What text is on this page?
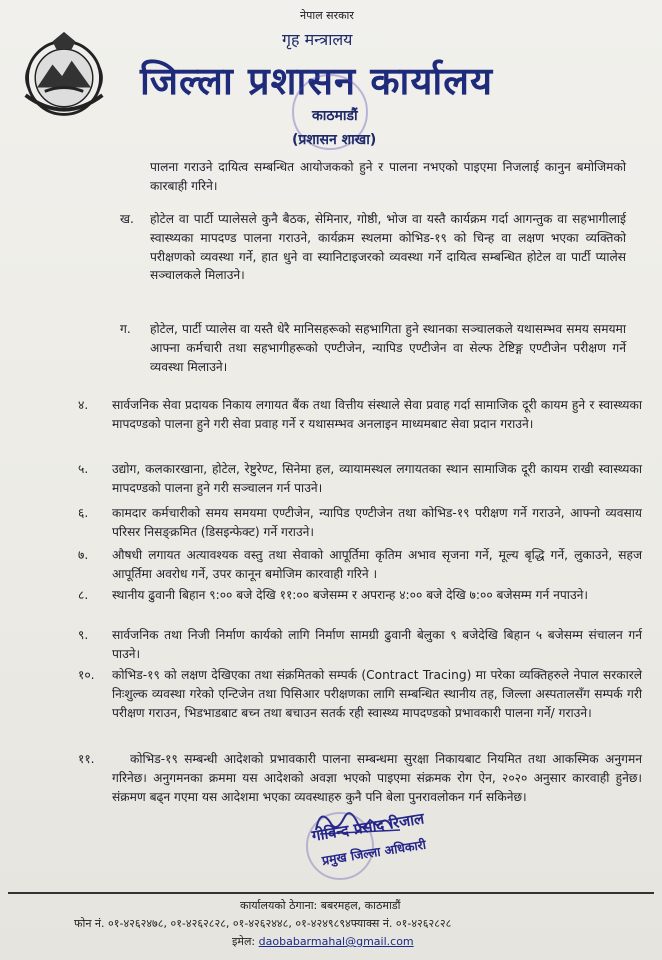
नेपाल सरकार
गृह मन्त्रालय
जिल्ला प्रशासन कार्यालय
काठमाडौं
(प्रशासन शाखा)

पालना गराउने दायित्व सम्बन्धित आयोजकको हुने र पालना नभएको पाइएमा निजलाई कानुन बमोजिमको कारबाही गरिने।

ख. होटेल वा पार्टी प्यालेसले कुनै बैठक, सेमिनार, गोष्ठी, भोज वा यस्तै कार्यक्रम गर्दा आगन्तुक वा सहभागीलाई स्वास्थ्यका मापदण्ड पालना गराउने, कार्यक्रम स्थलमा कोभिड-१९ को चिन्ह वा लक्षण भएका व्यक्तिको परीक्षणको व्यवस्था गर्ने, हात धुने वा स्यानिटाइजरको व्यवस्था गर्ने दायित्व सम्बन्धित होटेल वा पार्टी प्यालेस सञ्चालकले मिलाउने।

ग. होटेल, पार्टी प्यालेस वा यस्तै धेरै मानिसहरूको सहभागिता हुने स्थानका सञ्चालकले यथासम्भव समय समयमा आफ्ना कर्मचारी तथा सहभागीहरूको एण्टीजेन, न्यापिड एण्टीजेन वा सेल्फ टेष्टिङ्ग एण्टीजेन परीक्षण गर्ने व्यवस्था मिलाउने।

४. सार्वजनिक सेवा प्रदायक निकाय लगायत बैंक तथा वित्तीय संस्थाले सेवा प्रवाह गर्दा सामाजिक दूरी कायम हुने र स्वास्थ्यका मापदण्डको पालना हुने गरी सेवा प्रवाह गर्ने र यथासम्भव अनलाइन माध्यमबाट सेवा प्रदान गराउने।

५. उद्योग, कलकारखाना, होटेल, रेष्टुरेण्ट, सिनेमा हल, व्यायामस्थल लगायतका स्थान सामाजिक दूरी कायम राखी स्वास्थ्यका मापदण्डको पालना हुने गरी सञ्चालन गर्न पाउने।

६. कामदार कर्मचारीको समय समयमा एण्टीजेन, न्यापिड एण्टीजेन तथा कोभिड-१९ परीक्षण गर्ने गराउने, आफ्नो व्यवसाय परिसर निसङ्क्रमित (डिसइन्फेक्ट) गर्ने गराउने।

७. औषधी लगायत अत्यावश्यक वस्तु तथा सेवाको आपूर्तिमा कृतिम अभाव सृजना गर्ने, मूल्य बृद्धि गर्ने, लुकाउने, सहज आपूर्तिमा अवरोध गर्ने, उपर कानून बमोजिम कारवाही गरिने ।

८. स्थानीय ढुवानी बिहान ९:०० बजे देखि ११:०० बजेसम्म र अपरान्ह ४:०० बजे देखि ७:०० बजेसम्म गर्न नपाउने।

९. सार्वजनिक तथा निजी निर्माण कार्यको लागि निर्माण सामग्री ढुवानी बेलुका ९ बजेदेखि बिहान ५ बजेसम्म संचालन गर्न पाउने।

१०. कोभिड-१९ को लक्षण देखिएका तथा संक्रमितको सम्पर्क (Contract Tracing) मा परेका व्यक्तिहरुले नेपाल सरकारले निःशुल्क व्यवस्था गरेको एन्टिजेन तथा पिसिआर परीक्षणका लागि सम्बन्धित स्थानीय तह, जिल्ला अस्पतालसँग सम्पर्क गरी परीक्षण गराउन, भिडभाडबाट बच्न तथा बचाउन सतर्क रही स्वास्थ्य मापदण्डको प्रभावकारी पालना गर्ने/ गराउने।

११.	कोभिड-१९ सम्बन्धी आदेशको प्रभावकारी पालना सम्बन्धमा सुरक्षा निकायबाट नियमित तथा आकस्मिक अनुगमन गरिनेछ। अनुगमनका क्रममा यस आदेशको अवज्ञा भएको पाइएमा संक्रमक रोग ऐन, २०२० अनुसार कारवाही हुनेछ। संक्रमण बढ्न गएमा यस आदेशमा भएका व्यवस्थाहरु कुनै पनि बेला पुनरावलोकन गर्न सकिनेछ।

गोविन्द प्रसाद रिजाल
प्रमुख जिल्ला अधिकारी
कार्यालयको ठेगाना: बबरमहल, काठमाडौं
फोन नं. ०१-४२६२४७८, ०१-४२६२८२८, ०१-४२६२४४८, ०१-४२४९८९४फ्याक्स नं. ०१-४२६२८२८
इमेल: daobabarmahal@gmail.com
